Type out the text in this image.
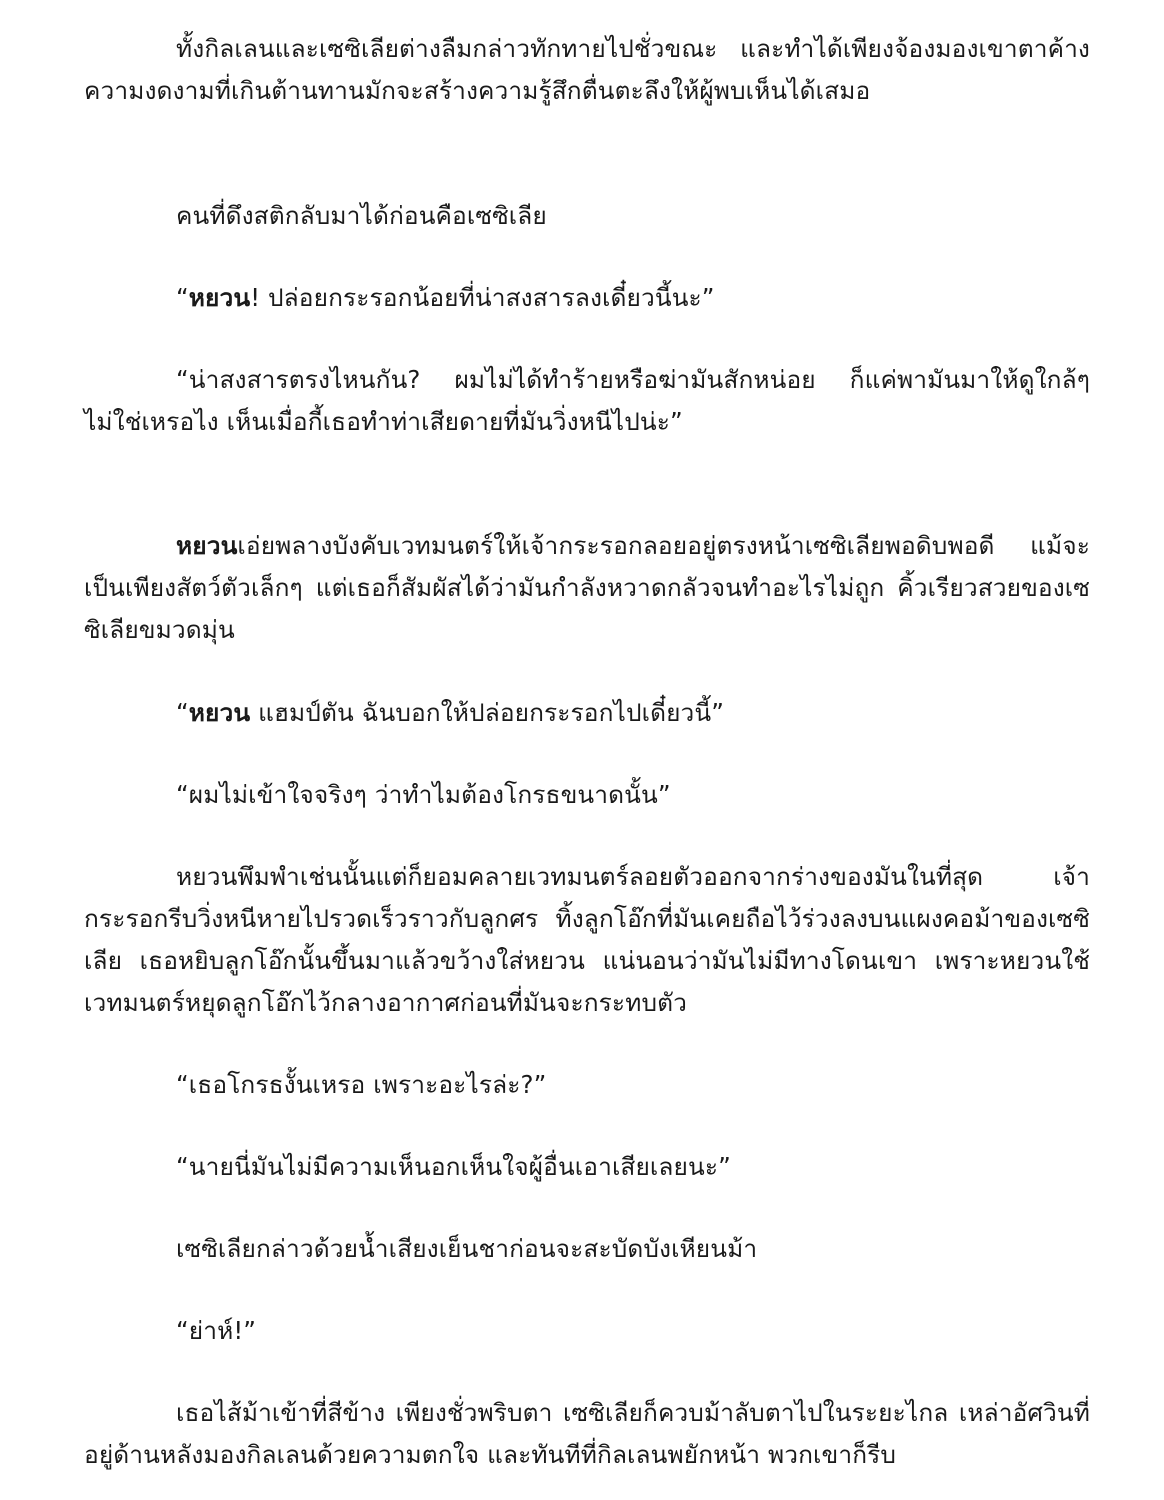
ทั้งกิลเลนและเซซิเลียต่างลืมกล่าวทักทายไปชั่วขณะ และทำได้เพียงจ้องมองเขาตาค้าง ความงดงามที่เกินต้านทานมักจะสร้างความรู้สึกตื่นตะลึงให้ผู้พบเห็นได้เสมอ

คนที่ดึงสติกลับมาได้ก่อนคือเซซิเลีย

“หยวน! ปล่อยกระรอกน้อยที่น่าสงสารลงเดี๋ยวนี้นะ”

“น่าสงสารตรงไหนกัน? ผมไม่ได้ทำร้ายหรือฆ่ามันสักหน่อย ก็แค่พามันมาให้ดูใกล้ๆ ไม่ใช่เหรอไง เห็นเมื่อกี้เธอทำท่าเสียดายที่มันวิ่งหนีไปน่ะ”

หยวนเอ่ยพลางบังคับเวทมนตร์ให้เจ้ากระรอกลอยอยู่ตรงหน้าเซซิเลียพอดิบพอดี แม้จะเป็นเพียงสัตว์ตัวเล็กๆ แต่เธอก็สัมผัสได้ว่ามันกำลังหวาดกลัวจนทำอะไรไม่ถูก คิ้วเรียวสวยของเซซิเลียขมวดมุ่น

“หยวน แฮมป์ตัน ฉันบอกให้ปล่อยกระรอกไปเดี๋ยวนี้”

“ผมไม่เข้าใจจริงๆ ว่าทำไมต้องโกรธขนาดนั้น”

หยวนพึมพำเช่นนั้นแต่ก็ยอมคลายเวทมนตร์ลอยตัวออกจากร่างของมันในที่สุด เจ้ากระรอกรีบวิ่งหนีหายไปรวดเร็วราวกับลูกศร ทิ้งลูกโอ๊กที่มันเคยถือไว้ร่วงลงบนแผงคอม้าของเซซิเลีย เธอหยิบลูกโอ๊กนั้นขึ้นมาแล้วขว้างใส่หยวน แน่นอนว่ามันไม่มีทางโดนเขา เพราะหยวนใช้เวทมนตร์หยุดลูกโอ๊กไว้กลางอากาศก่อนที่มันจะกระทบตัว

“เธอโกรธงั้นเหรอ เพราะอะไรล่ะ?”

“นายนี่มันไม่มีความเห็นอกเห็นใจผู้อื่นเอาเสียเลยนะ”

เซซิเลียกล่าวด้วยน้ำเสียงเย็นชาก่อนจะสะบัดบังเหียนม้า

“ย่าห์!”

เธอไส้ม้าเข้าที่สีข้าง เพียงชั่วพริบตา เซซิเลียก็ควบม้าลับตาไปในระยะไกล เหล่าอัศวินที่อยู่ด้านหลังมองกิลเลนด้วยความตกใจ และทันทีที่กิลเลนพยักหน้า พวกเขาก็รีบ
